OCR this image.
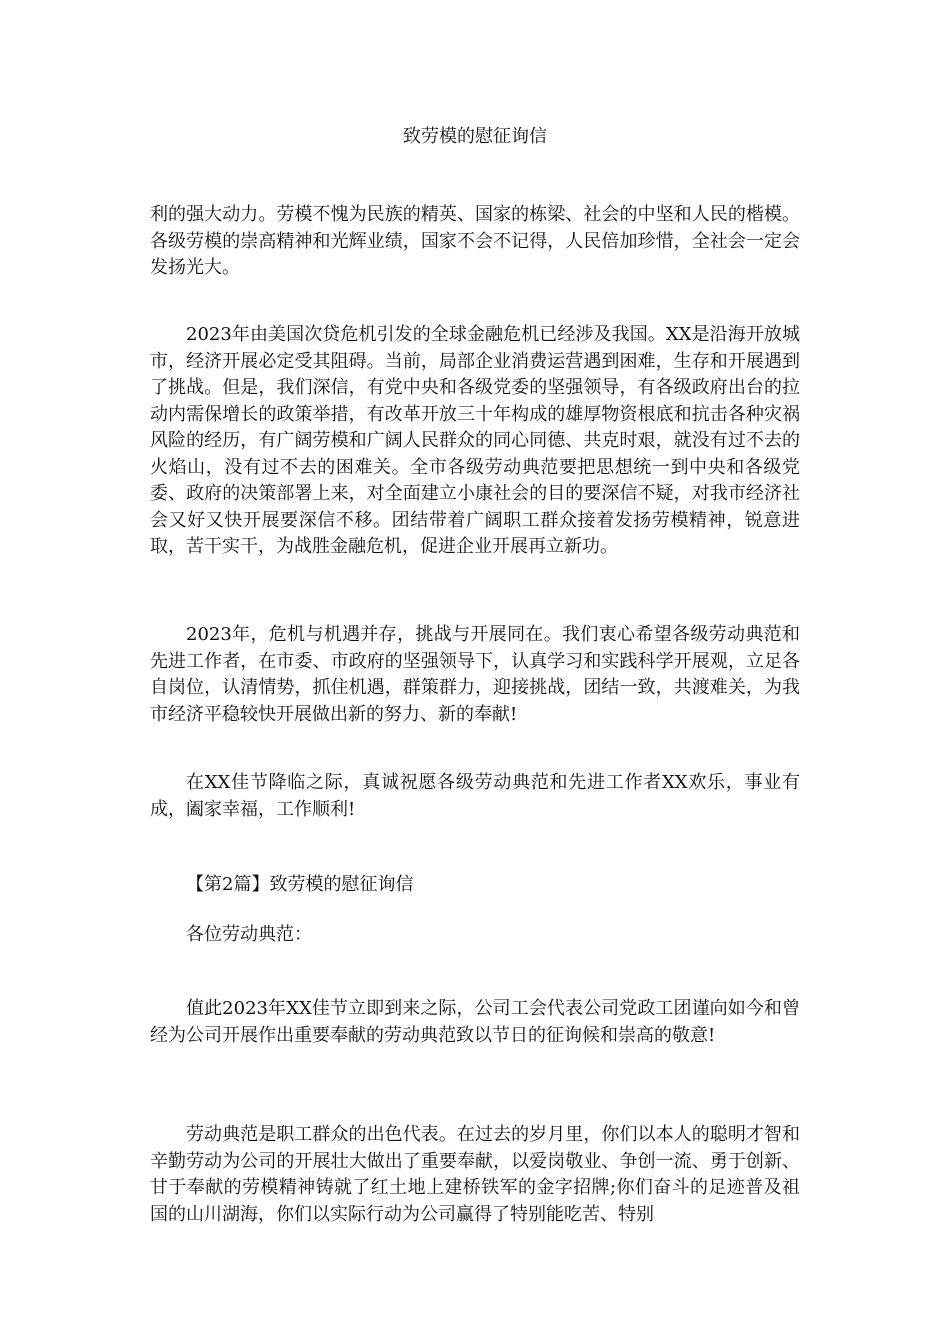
致劳模的慰征询信

利的强大动力。劳模不愧为民族的精英、国家的栋梁、社会的中坚和人民的楷模。各级劳模的崇高精神和光辉业绩，国家不会不记得，人民倍加珍惜，全社会一定会发扬光大。

2023年由美国次贷危机引发的全球金融危机已经涉及我国。XX是沿海开放城市，经济开展必定受其阻碍。当前，局部企业消费运营遇到困难，生存和开展遇到了挑战。但是，我们深信，有党中央和各级党委的坚强领导，有各级政府出台的拉动内需保增长的政策举措，有改革开放三十年构成的雄厚物资根底和抗击各种灾祸风险的经历，有广阔劳模和广阔人民群众的同心同德、共克时艰，就没有过不去的火焰山，没有过不去的困难关。全市各级劳动典范要把思想统一到中央和各级党委、政府的决策部署上来，对全面建立小康社会的目的要深信不疑，对我市经济社会又好又快开展要深信不移。团结带着广阔职工群众接着发扬劳模精神，锐意进取，苦干实干，为战胜金融危机，促进企业开展再立新功。

2023年，危机与机遇并存，挑战与开展同在。我们衷心希望各级劳动典范和先进工作者，在市委、市政府的坚强领导下，认真学习和实践科学开展观，立足各自岗位，认清情势，抓住机遇，群策群力，迎接挑战，团结一致，共渡难关，为我市经济平稳较快开展做出新的努力、新的奉献!

在XX佳节降临之际，真诚祝愿各级劳动典范和先进工作者XX欢乐，事业有成，阖家幸福，工作顺利!

【第2篇】致劳模的慰征询信

各位劳动典范：

值此2023年XX佳节立即到来之际，公司工会代表公司党政工团谨向如今和曾经为公司开展作出重要奉献的劳动典范致以节日的征询候和崇高的敬意!

劳动典范是职工群众的出色代表。在过去的岁月里，你们以本人的聪明才智和辛勤劳动为公司的开展壮大做出了重要奉献，以爱岗敬业、争创一流、勇于创新、甘于奉献的劳模精神铸就了红土地上建桥铁军的金字招牌;你们奋斗的足迹普及祖国的山川湖海，你们以实际行动为公司赢得了特别能吃苦、特别
